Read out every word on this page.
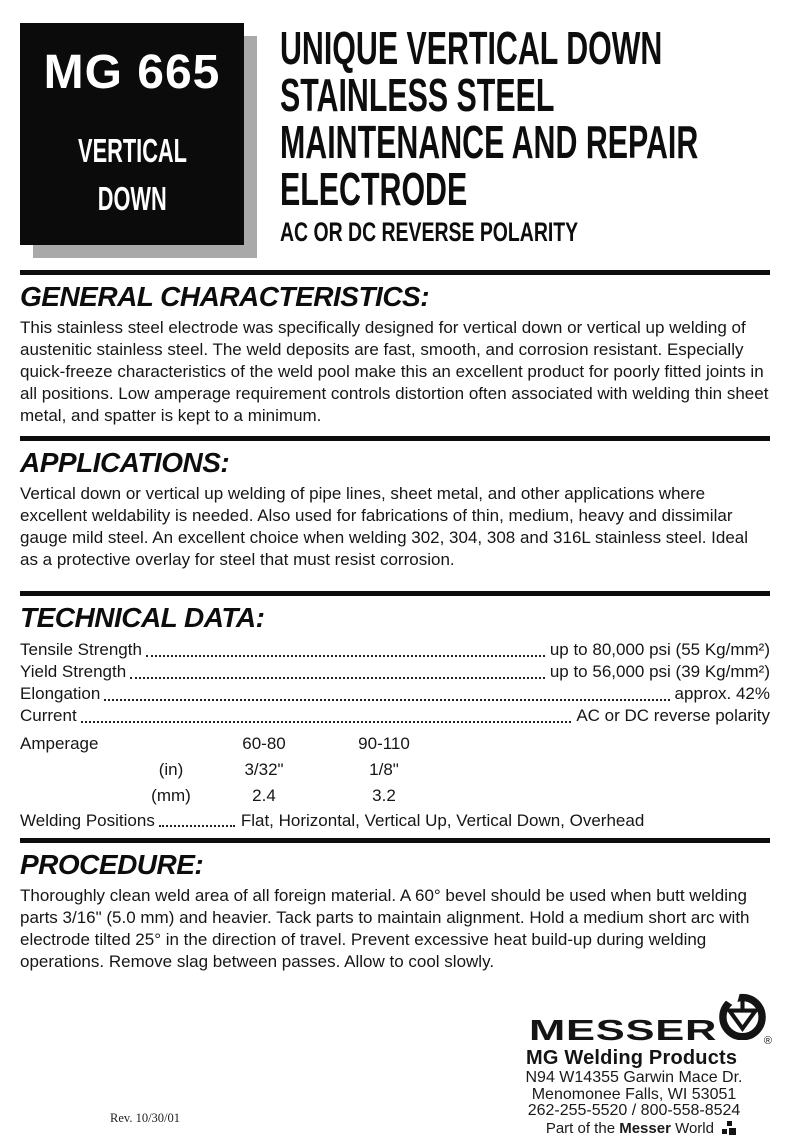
MG 665
VERTICAL
DOWN
UNIQUE VERTICAL DOWN
STAINLESS STEEL
MAINTENANCE AND REPAIR
ELECTRODE
AC OR DC REVERSE POLARITY
GENERAL CHARACTERISTICS:

This stainless steel electrode was specifically designed for vertical down or vertical up welding of austenitic stainless steel. The weld deposits are fast, smooth, and corrosion resistant. Especially quick-freeze characteristics of the weld pool make this an excellent product for poorly fitted joints in all positions. Low amperage requirement controls distortion often associated with welding thin sheet metal, and spatter is kept to a minimum.

APPLICATIONS:

Vertical down or vertical up welding of pipe lines, sheet metal, and other applications where excellent weldability is needed. Also used for fabrications of thin, medium, heavy and dissimilar gauge mild steel. An excellent choice when welding 302, 304, 308 and 316L stainless steel. Ideal as a protective overlay for steel that must resist corrosion.

TECHNICAL DATA:
Tensile Strength	up to 80,000 psi (55 Kg/mm²)
Yield Strength	up to 56,000 psi (39 Kg/mm²)
Elongation	approx. 42%
Current	AC or DC reverse polarity
Amperage	60-80	90-110
(in)	3/32"	1/8"
(mm)	2.4	3.2
Welding Positions	Flat, Horizontal, Vertical Up, Vertical Down, Overhead
PROCEDURE:

Thoroughly clean weld area of all foreign material. A 60° bevel should be used when butt welding parts 3/16" (5.0 mm) and heavier. Tack parts to maintain alignment. Hold a medium short arc with electrode tilted 25° in the direction of travel. Prevent excessive heat build-up during welding operations. Remove slag between passes. Allow to cool slowly.

MESSER	®
MG Welding Products
N94 W14355 Garwin Mace Dr.
Menomonee Falls, WI 53051
262-255-5520 / 800-558-8524
Part of the Messer World
Rev. 10/30/01
